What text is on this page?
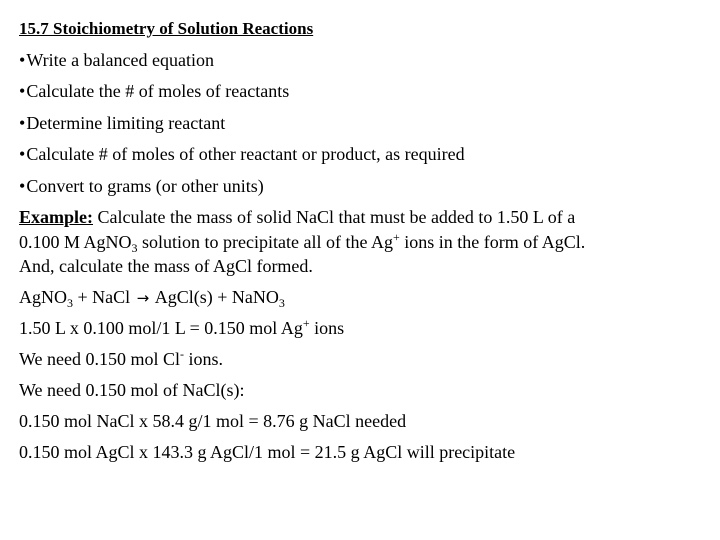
15.7 Stoichiometry of Solution Reactions
•Write a balanced equation
•Calculate the # of moles of reactants
•Determine limiting reactant
•Calculate # of moles of other reactant or product, as required
•Convert to grams (or other units)
Example: Calculate the mass of solid NaCl that must be added to 1.50 L of a
0.100 M AgNO$_3$ solution to precipitate all of the Ag+ ions in the form of AgCl.
And, calculate the mass of AgCl formed.
AgNO$_3$ + NaCl → AgCl(s) + NaNO$_3$
1.50 L x 0.100 mol/1 L = 0.150 mol Ag+ ions
We need 0.150 mol Cl- ions.
We need 0.150 mol of NaCl(s):
0.150 mol NaCl x 58.4 g/1 mol = 8.76 g NaCl needed
0.150 mol AgCl x 143.3 g AgCl/1 mol = 21.5 g AgCl will precipitate
